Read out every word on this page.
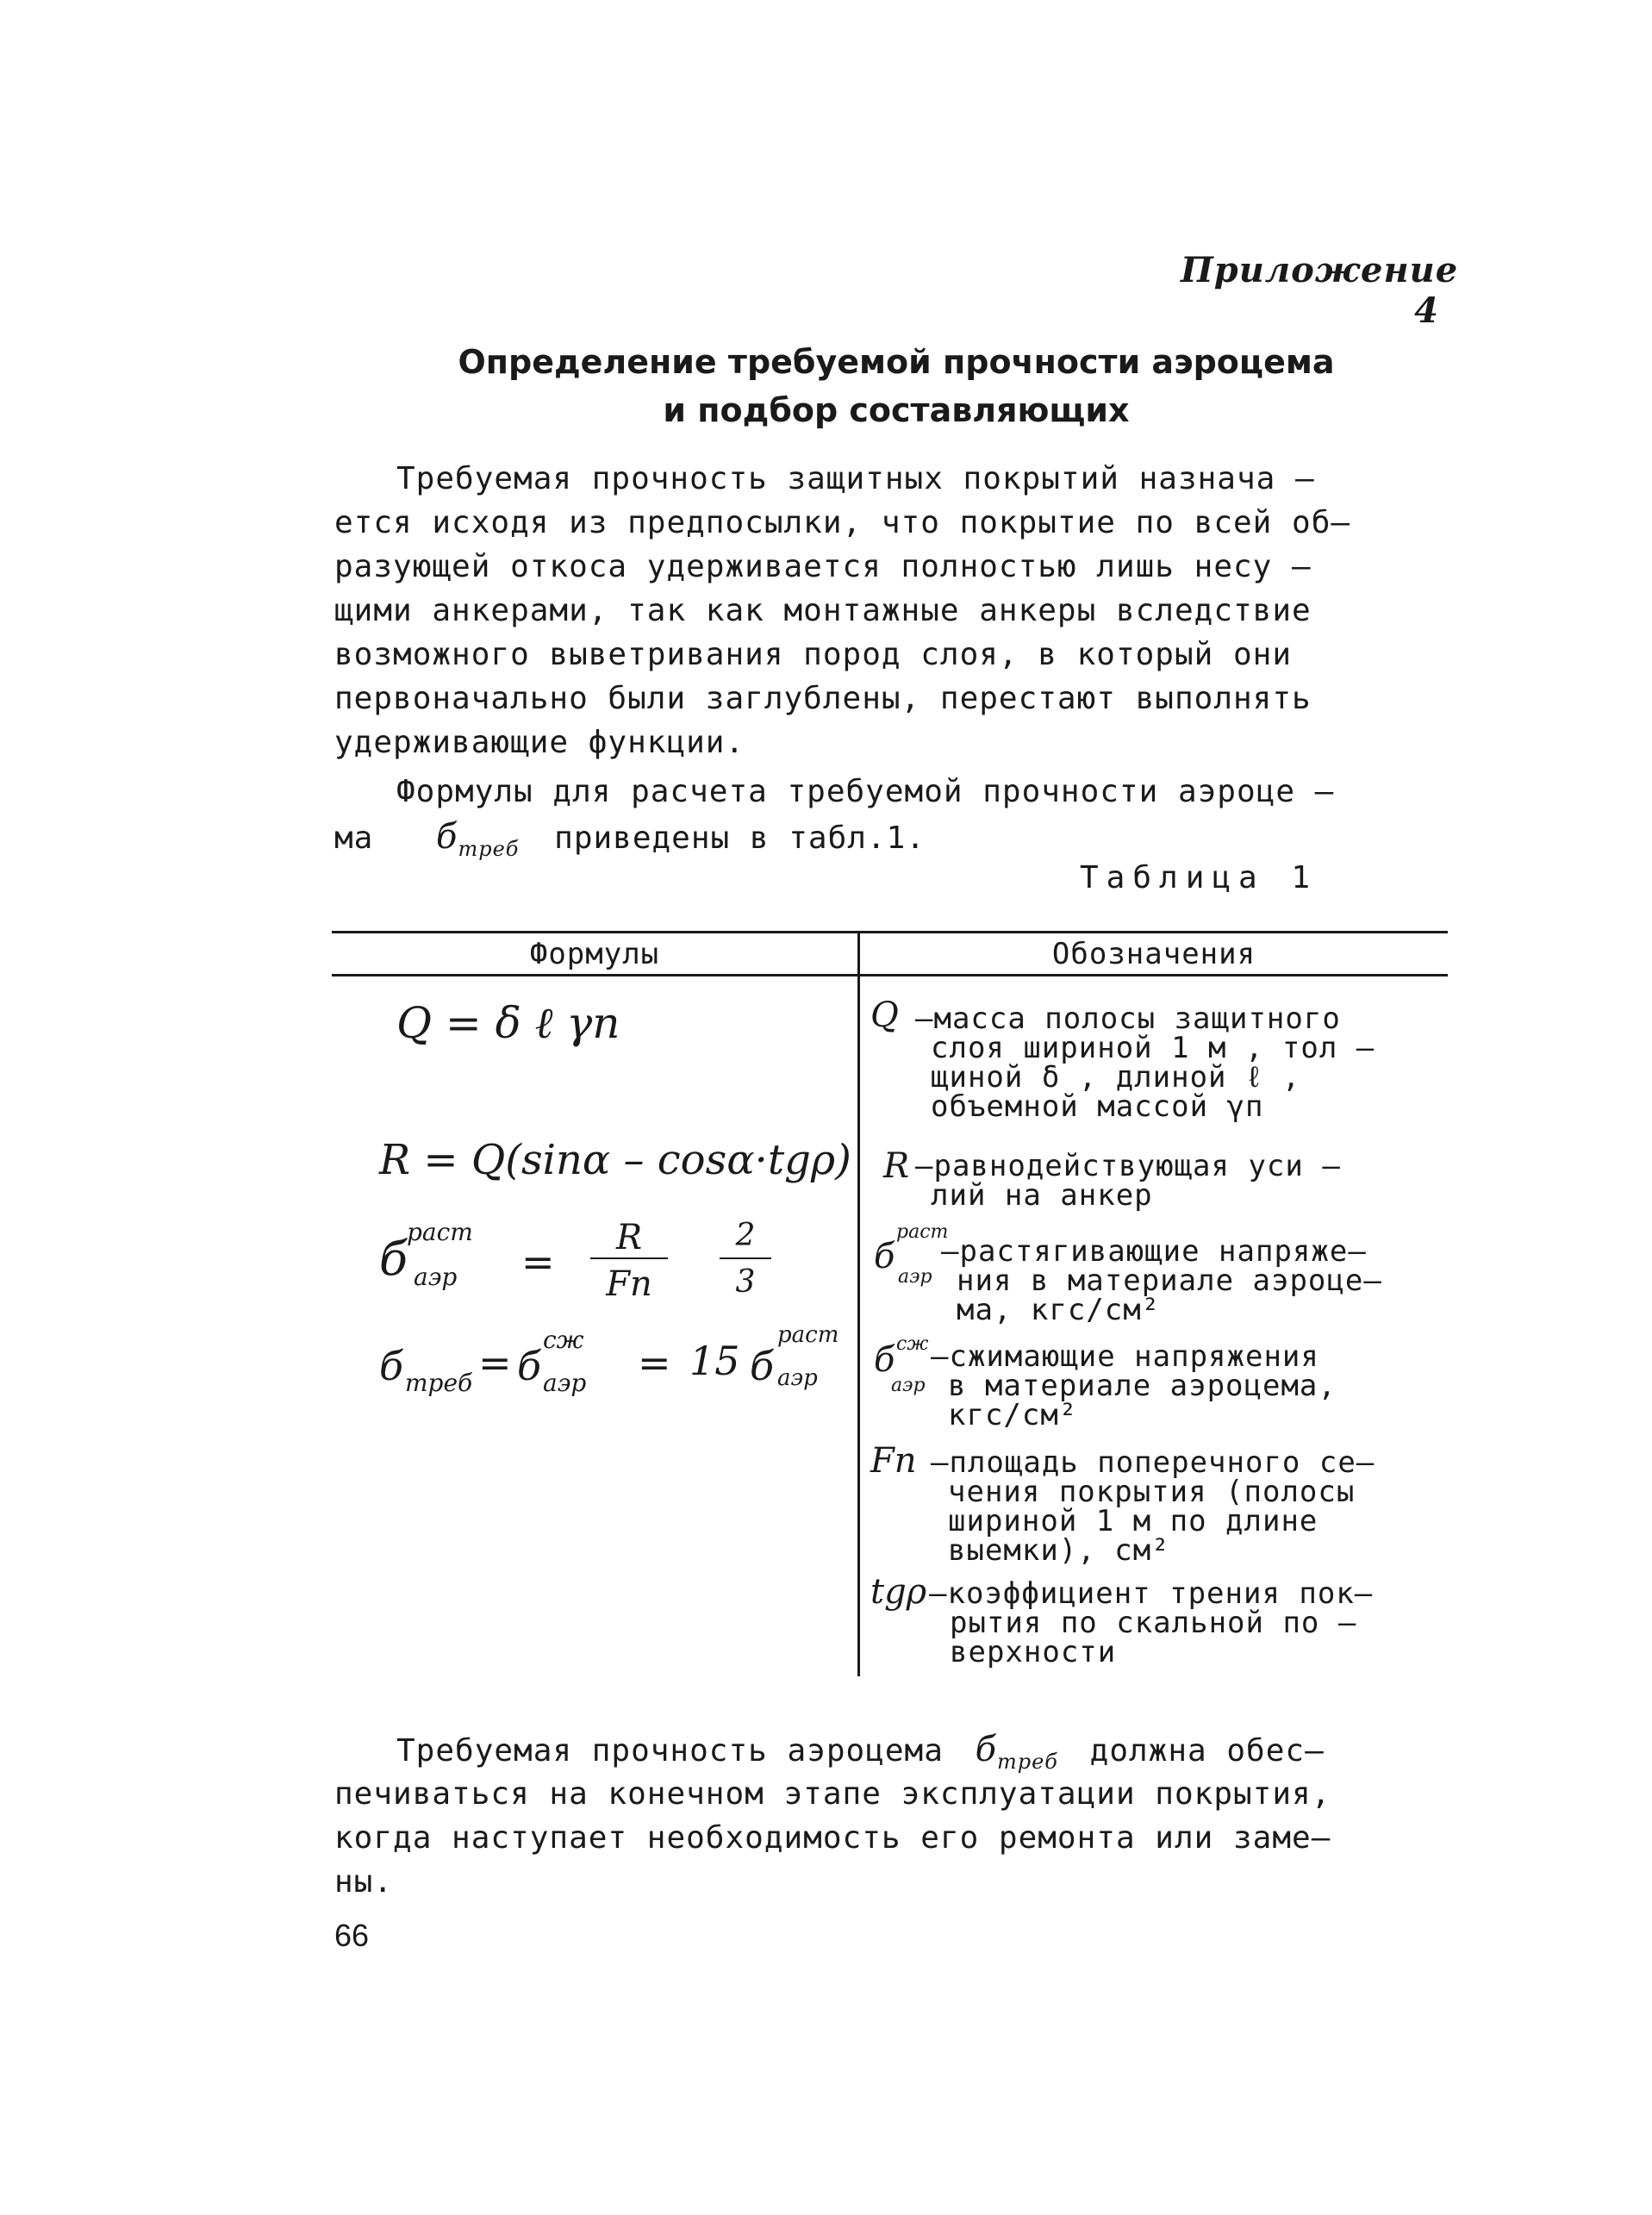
Приложение 4
Определение требуемой прочности аэроцема
и подбор составляющих
Требуемая прочность защитных покрытий назнача –
ется исходя из предпосылки, что покрытие по всей об–
разующей откоса удерживается полностью лишь несу –
щими анкерами, так как монтажные анкеры вследствие
возможного выветривания пород слоя, в который они
первоначально были заглублены, перестают выполнять
удерживающие функции.
Формулы для расчета требуемой прочности аэроце –
ма $б_{треб}$ приведены в табл.1.
Таблица 1
Формулы	Обозначения
Q = δ ℓ γп
R = Q(sinα – cosα·tgρ)
б раст
аэр =
R
Fп
2
3
б треб = б
сж
аэр = 15 б
раст
аэр
Q –масса полосы защитного
слоя шириной 1 м , тол –
щиной δ , длиной ℓ ,
объемной массой γп
R –равнодействующая уси –
лий на анкер
б
раст
аэр
–растягивающие напряже–
ния в материале аэроце–
ма, кгс/см²
б сж
аэр
–сжимающие напряжения
в материале аэроцема,
кгс/см²
Fп –площадь поперечного се–
чения покрытия (полосы
шириной 1 м по длине
выемки), см²
tgρ –коэффициент трения пок–
рытия по скальной по –
верхности
Требуемая прочность аэроцема $б_{треб}$ должна обес–
печиваться на конечном этапе эксплуатации покрытия,
когда наступает необходимость его ремонта или заме–
ны.
66
